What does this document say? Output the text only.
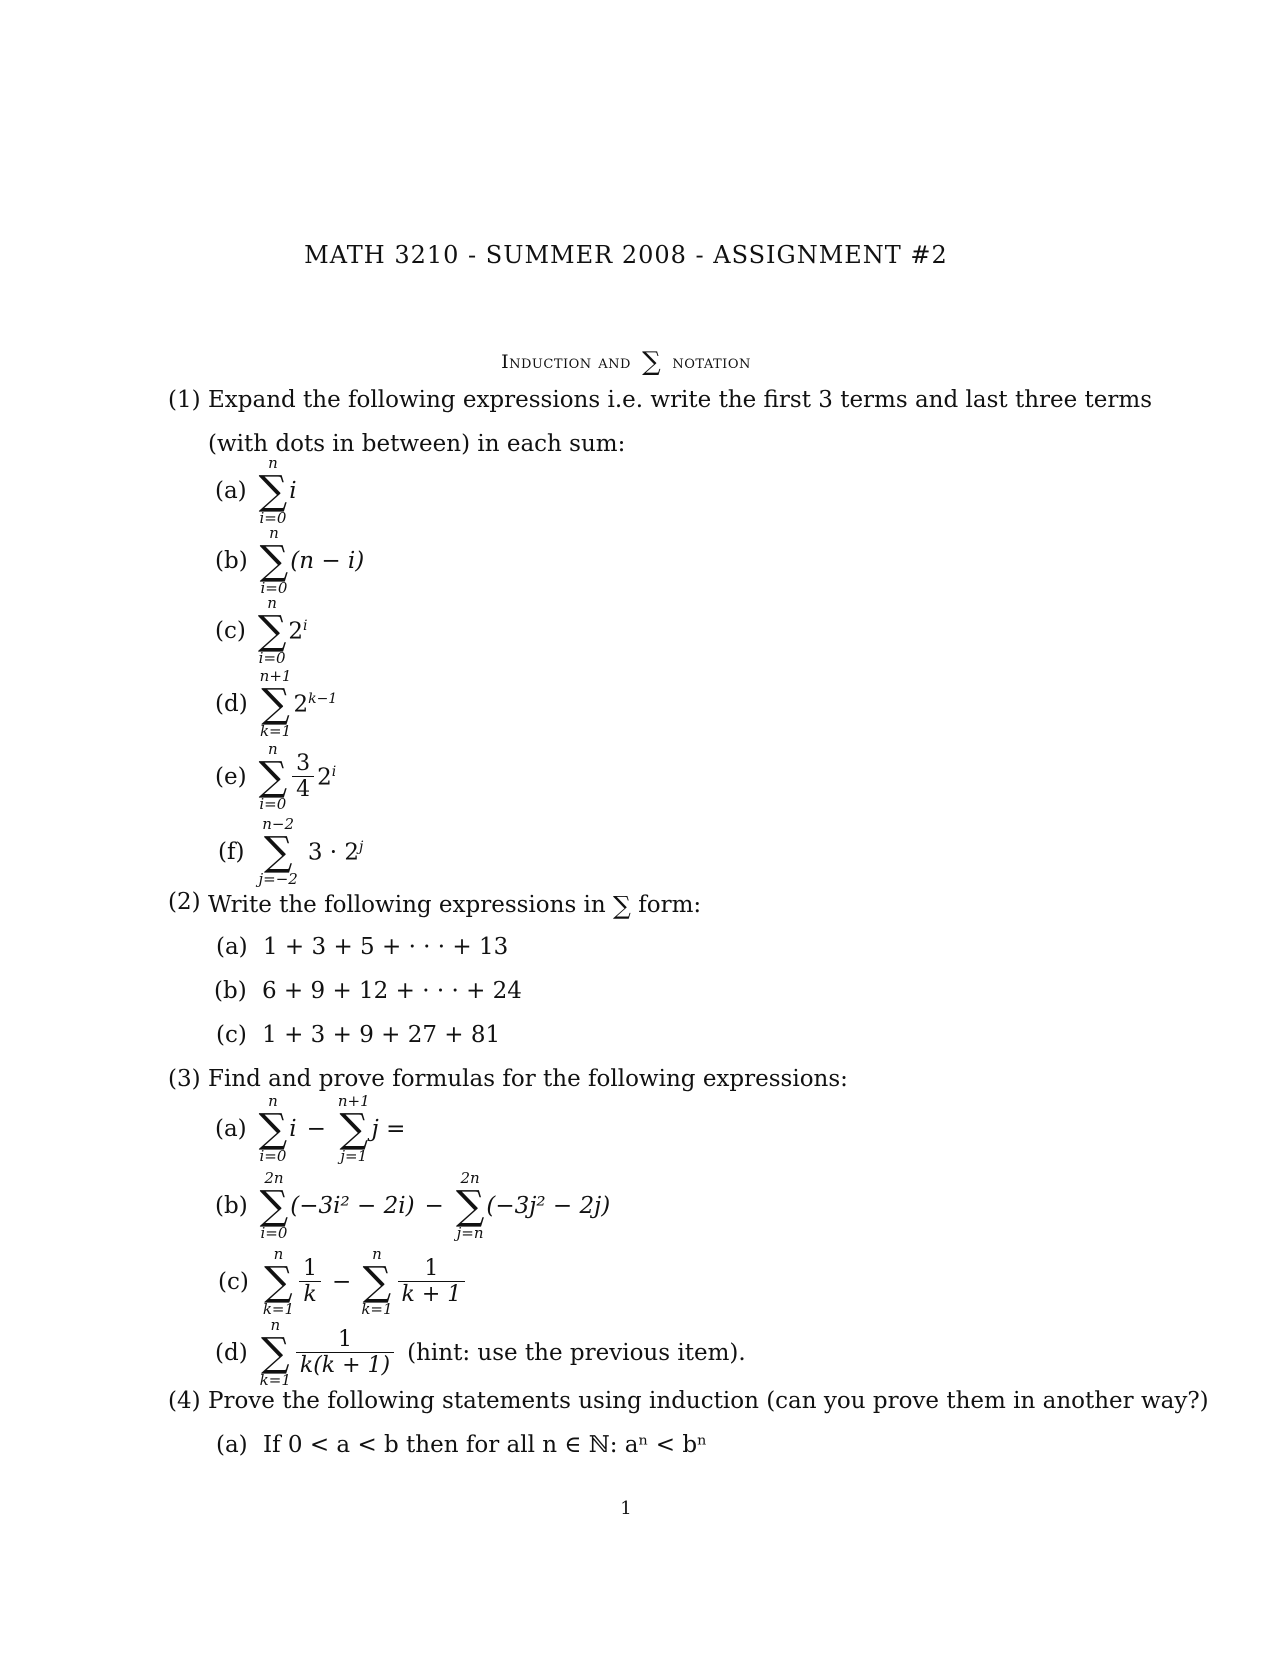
MATH 3210 - SUMMER 2008 - ASSIGNMENT #2
Induction and ∑ notation
(1) Expand the following expressions i.e. write the first 3 terms and last three terms
(with dots in between) in each sum:
(a)
n
∑
i=0
i
(b)
n
∑
i=0
(n − i)
(c)
n
∑
i=0
2$^i$
(d)
n+1
∑
k=1
$2^{k-1}$
(e)
n
∑
i=0
$\frac{3}{4} 2^i$
(f)
n−2
∑
j=−2
$3 \cdot 2^j$
(2) Write the following expressions in ∑ form:
(a) 1 + 3 + 5 + · · · + 13
(b) 6 + 9 + 12 + · · · + 24
(c) 1 + 3 + 9 + 27 + 81
(3) Find and prove formulas for the following expressions:
(a)
n
∑
i=0
i −
n+1
∑
j=1
j =
(b)
2n
∑
i=0
(−3i² − 2i) −
2n
∑
j=n
(−3j² − 2j)
(c)
n
∑
k=1
$\frac{1}{k}$ −
n
∑
k=1
$\frac{1}{k + 1}$
(d)
n
∑
k=1
$\frac{1}{k(k + 1)}$ (hint: use the previous item).
(4) Prove the following statements using induction (can you prove them in another way?)
(a) If 0 < a < b then for all n ∈ ℕ: aⁿ < bⁿ
1
